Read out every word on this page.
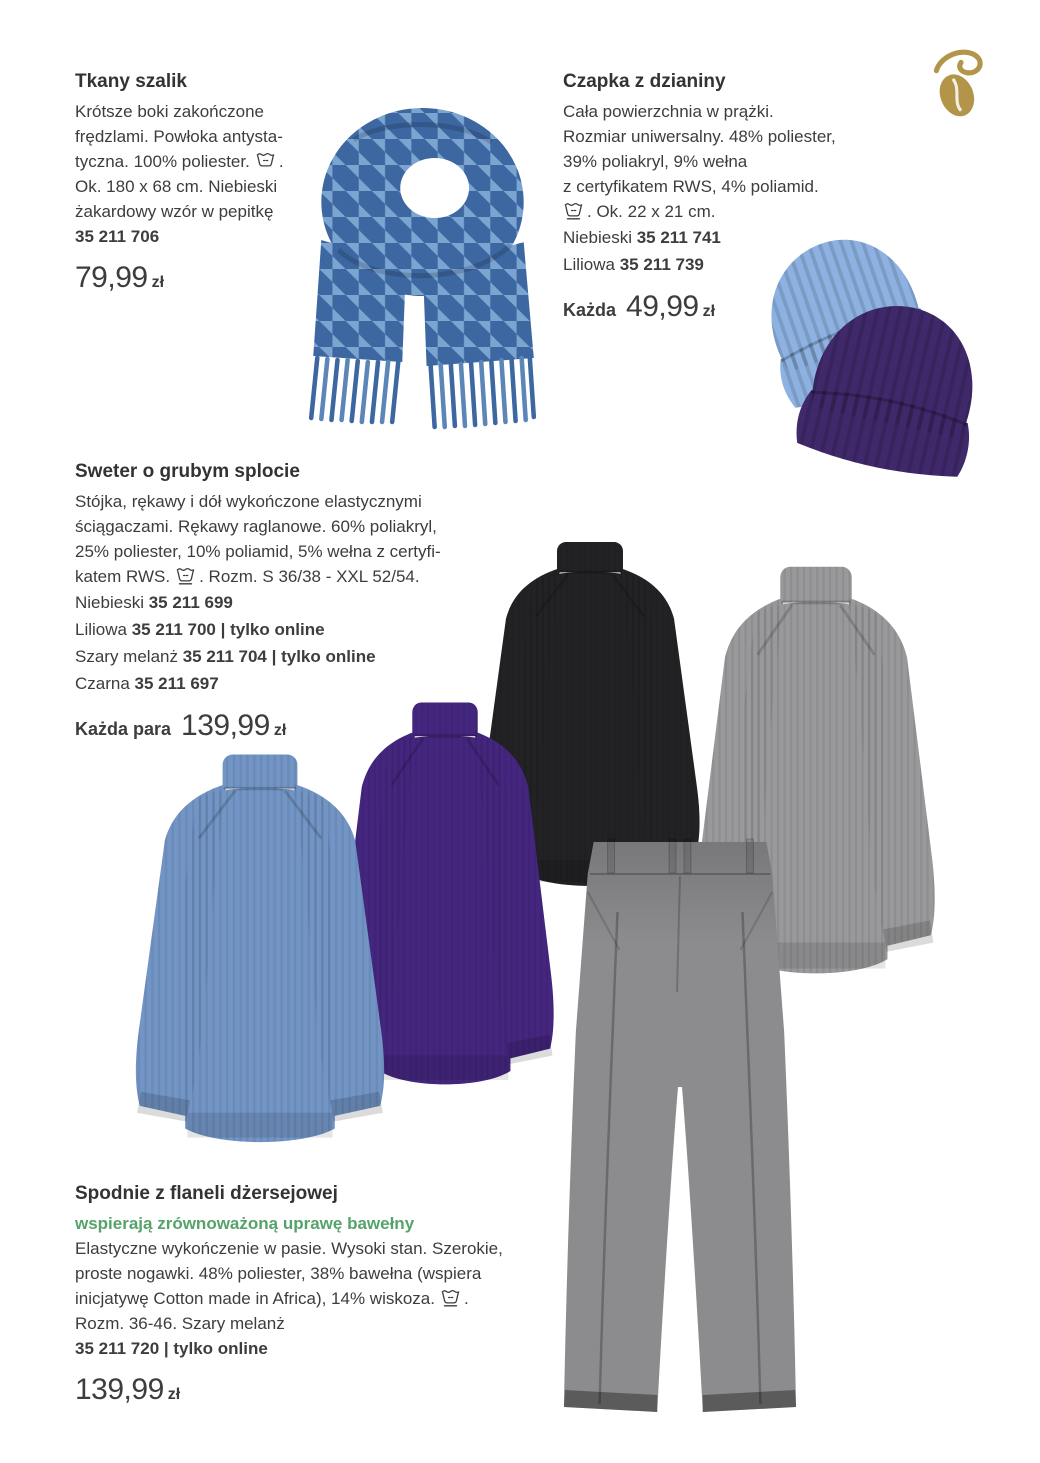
Tkany szalik
Krótsze boki zakończone
frędzlami. Powłoka antysta-
tyczna. 100% poliester. .
Ok. 180 x 68 cm. Niebieski
żakardowy wzór w pepitkę
35 211 706
79,99 zł
Czapka z dzianiny
Cała powierzchnia w prążki.
Rozmiar uniwersalny. 48% poliester,
39% poliakryl, 9% wełna
z certyfikatem RWS, 4% poliamid.
. Ok. 22 x 21 cm.
Niebieski 35 211 741
Liliowa 35 211 739
Każda 49,99 zł
Sweter o grubym splocie
Stójka, rękawy i dół wykończone elastycznymi
ściągaczami. Rękawy raglanowe. 60% poliakryl,
25% poliester, 10% poliamid, 5% wełna z certyfi-
katem RWS. . Rozm. S 36/38 - XXL 52/54.
Niebieski 35 211 699
Liliowa 35 211 700 | tylko online
Szary melanż 35 211 704 | tylko online
Czarna 35 211 697
Każda para 139,99 zł
Spodnie z flaneli dżersejowej
wspierają zrównoważoną uprawę bawełny
Elastyczne wykończenie w pasie. Wysoki stan. Szerokie,
proste nogawki. 48% poliester, 38% bawełna (wspiera
inicjatywę Cotton made in Africa), 14% wiskoza. .
Rozm. 36-46. Szary melanż
35 211 720 | tylko online
139,99 zł
